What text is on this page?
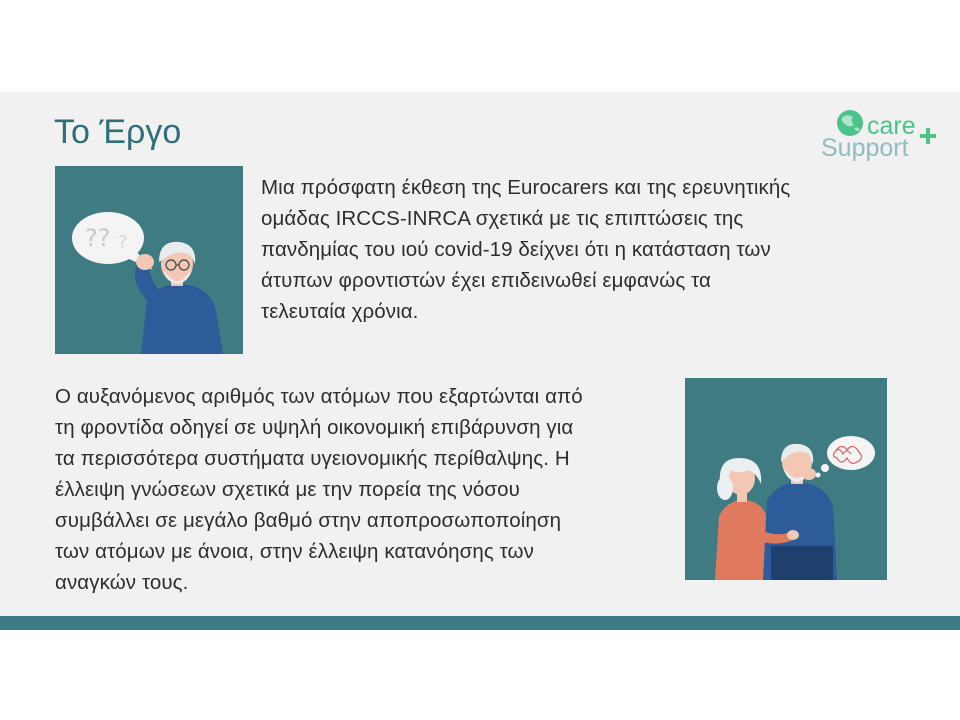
Το Έργο	care
Support
?? ?

Μια πρόσφατη έκθεση της Eurocarers και της ερευνητικής
ομάδας IRCCS-INRCA σχετικά με τις επιπτώσεις της
πανδημίας του ιού covid-19 δείχνει ότι η κατάσταση των
άτυπων φροντιστών έχει επιδεινωθεί εμφανώς τα
τελευταία χρόνια.

Ο αυξανόμενος αριθμός των ατόμων που εξαρτώνται από
τη φροντίδα οδηγεί σε υψηλή οικονομική επιβάρυνση για
τα περισσότερα συστήματα υγειονομικής περίθαλψης. Η
έλλειψη γνώσεων σχετικά με την πορεία της νόσου
συμβάλλει σε μεγάλο βαθμό στην αποπροσωποποίηση
των ατόμων με άνοια, στην έλλειψη κατανόησης των
αναγκών τους.
